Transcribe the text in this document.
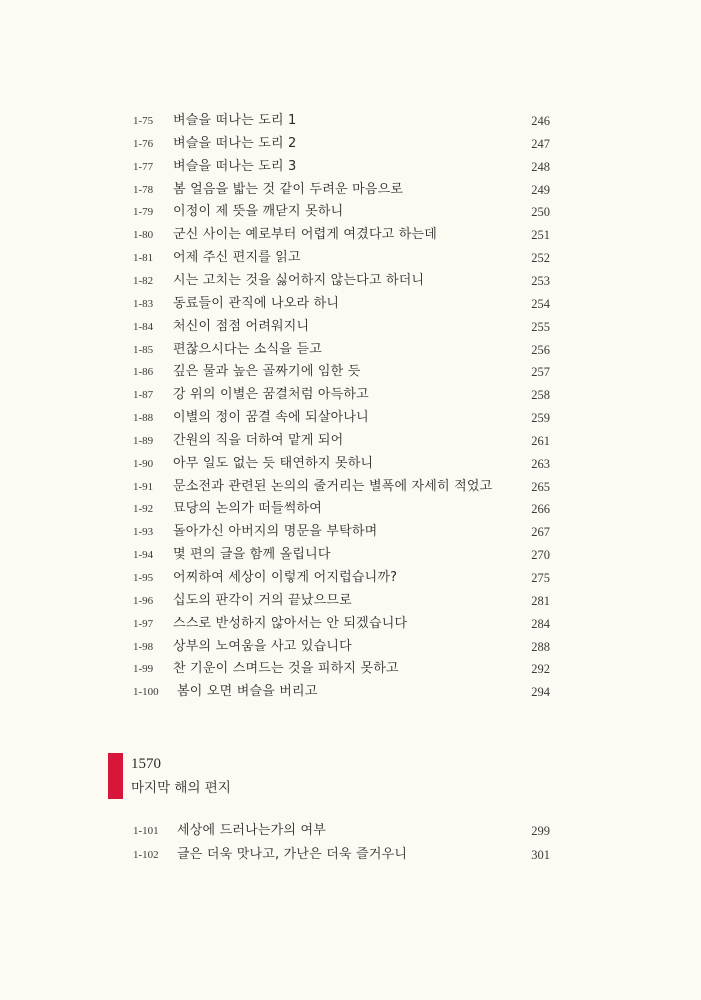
1-75 벼슬을 떠나는 도리 1	246
1-76 벼슬을 떠나는 도리 2	247
1-77 벼슬을 떠나는 도리 3	248
1-78 봄 얼음을 밟는 것 같이 두려운 마음으로	249
1-79 이정이 제 뜻을 깨닫지 못하니	250
1-80 군신 사이는 예로부터 어렵게 여겼다고 하는데	251
1-81 어제 주신 편지를 읽고	252
1-82 시는 고치는 것을 싫어하지 않는다고 하더니	253
1-83 동료들이 관직에 나오라 하니	254
1-84 처신이 점점 어려워지니	255
1-85 편찮으시다는 소식을 듣고	256
1-86 깊은 물과 높은 골짜기에 임한 듯	257
1-87 강 위의 이별은 꿈결처럼 아득하고	258
1-88 이별의 정이 꿈결 속에 되살아나니	259
1-89 간원의 직을 더하여 맡게 되어	261
1-90 아무 일도 없는 듯 태연하지 못하니	263
1-91 문소전과 관련된 논의의 줄거리는 별폭에 자세히 적었고	265
1-92 묘당의 논의가 떠들썩하여	266
1-93 돌아가신 아버지의 명문을 부탁하며	267
1-94 몇 편의 글을 함께 올립니다	270
1-95 어찌하여 세상이 이렇게 어지럽습니까?	275
1-96 십도의 판각이 거의 끝났으므로	281
1-97 스스로 반성하지 않아서는 안 되겠습니다	284
1-98 상부의 노여움을 사고 있습니다	288
1-99 찬 기운이 스며드는 것을 피하지 못하고	292
1-100 봄이 오면 벼슬을 버리고	294
1570
마지막 해의 편지
1-101 세상에 드러나는가의 여부	299
1-102 글은 더욱 맛나고, 가난은 더욱 즐거우니	301
